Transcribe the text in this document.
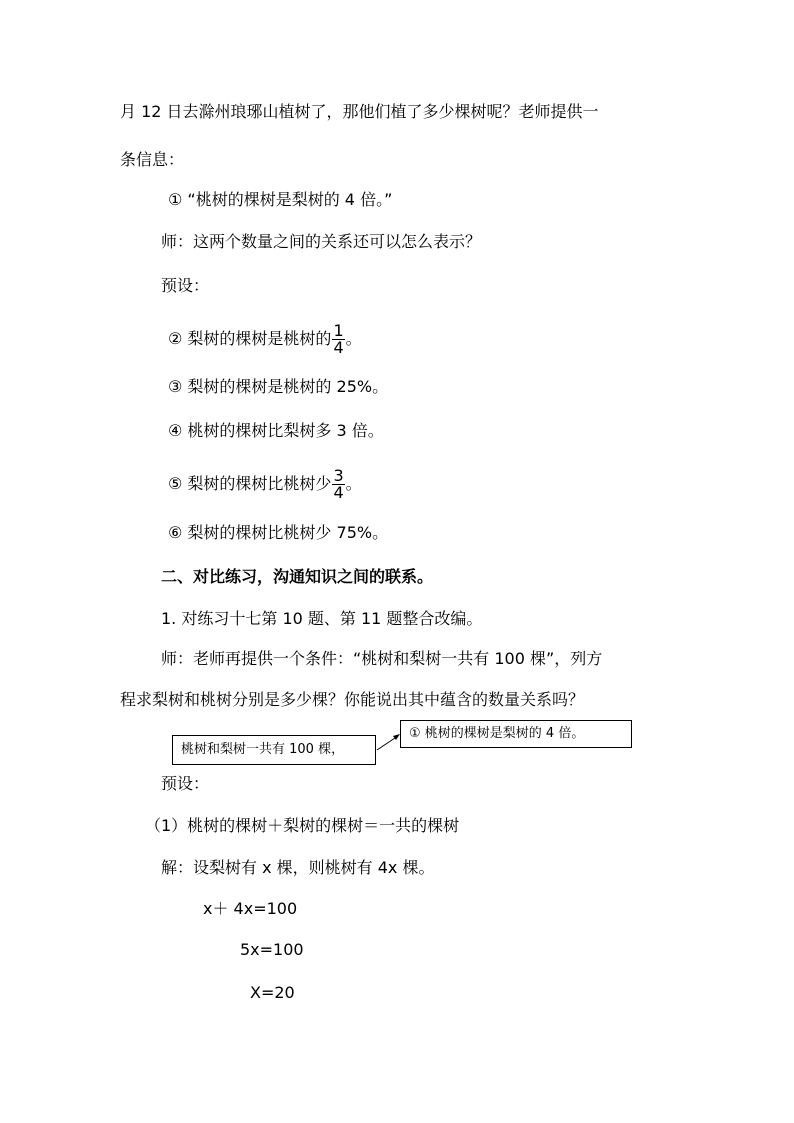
月 12 日去滁州琅琊山植树了，那他们植了多少棵树呢？老师提供一
条信息：
① “桃树的棵树是梨树的 4 倍。”
师：这两个数量之间的关系还可以怎么表示？
预设：
② 梨树的棵树是桃树的 $\frac{1}{4}$ 。
③ 梨树的棵树是桃树的 25%。
④ 桃树的棵树比梨树多 3 倍。
⑤ 梨树的棵树比桃树少 $\frac{3}{4}$ 。
⑥ 梨树的棵树比桃树少 75%。
二、对比练习，沟通知识之间的联系。
1. 对练习十七第 10 题、第 11 题整合改编。
师：老师再提供一个条件：“桃树和梨树一共有 100 棵”，列方
程求梨树和桃树分别是多少棵？你能说出其中蕴含的数量关系吗？
桃树和梨树一共有 100 棵，
① 桃树的棵树是梨树的 4 倍。
预设：
（1）桃树的棵树＋梨树的棵树＝一共的棵树
解：设梨树有 x 棵，则桃树有 4x 棵。
x＋ 4x=100
5x=100
X=20
